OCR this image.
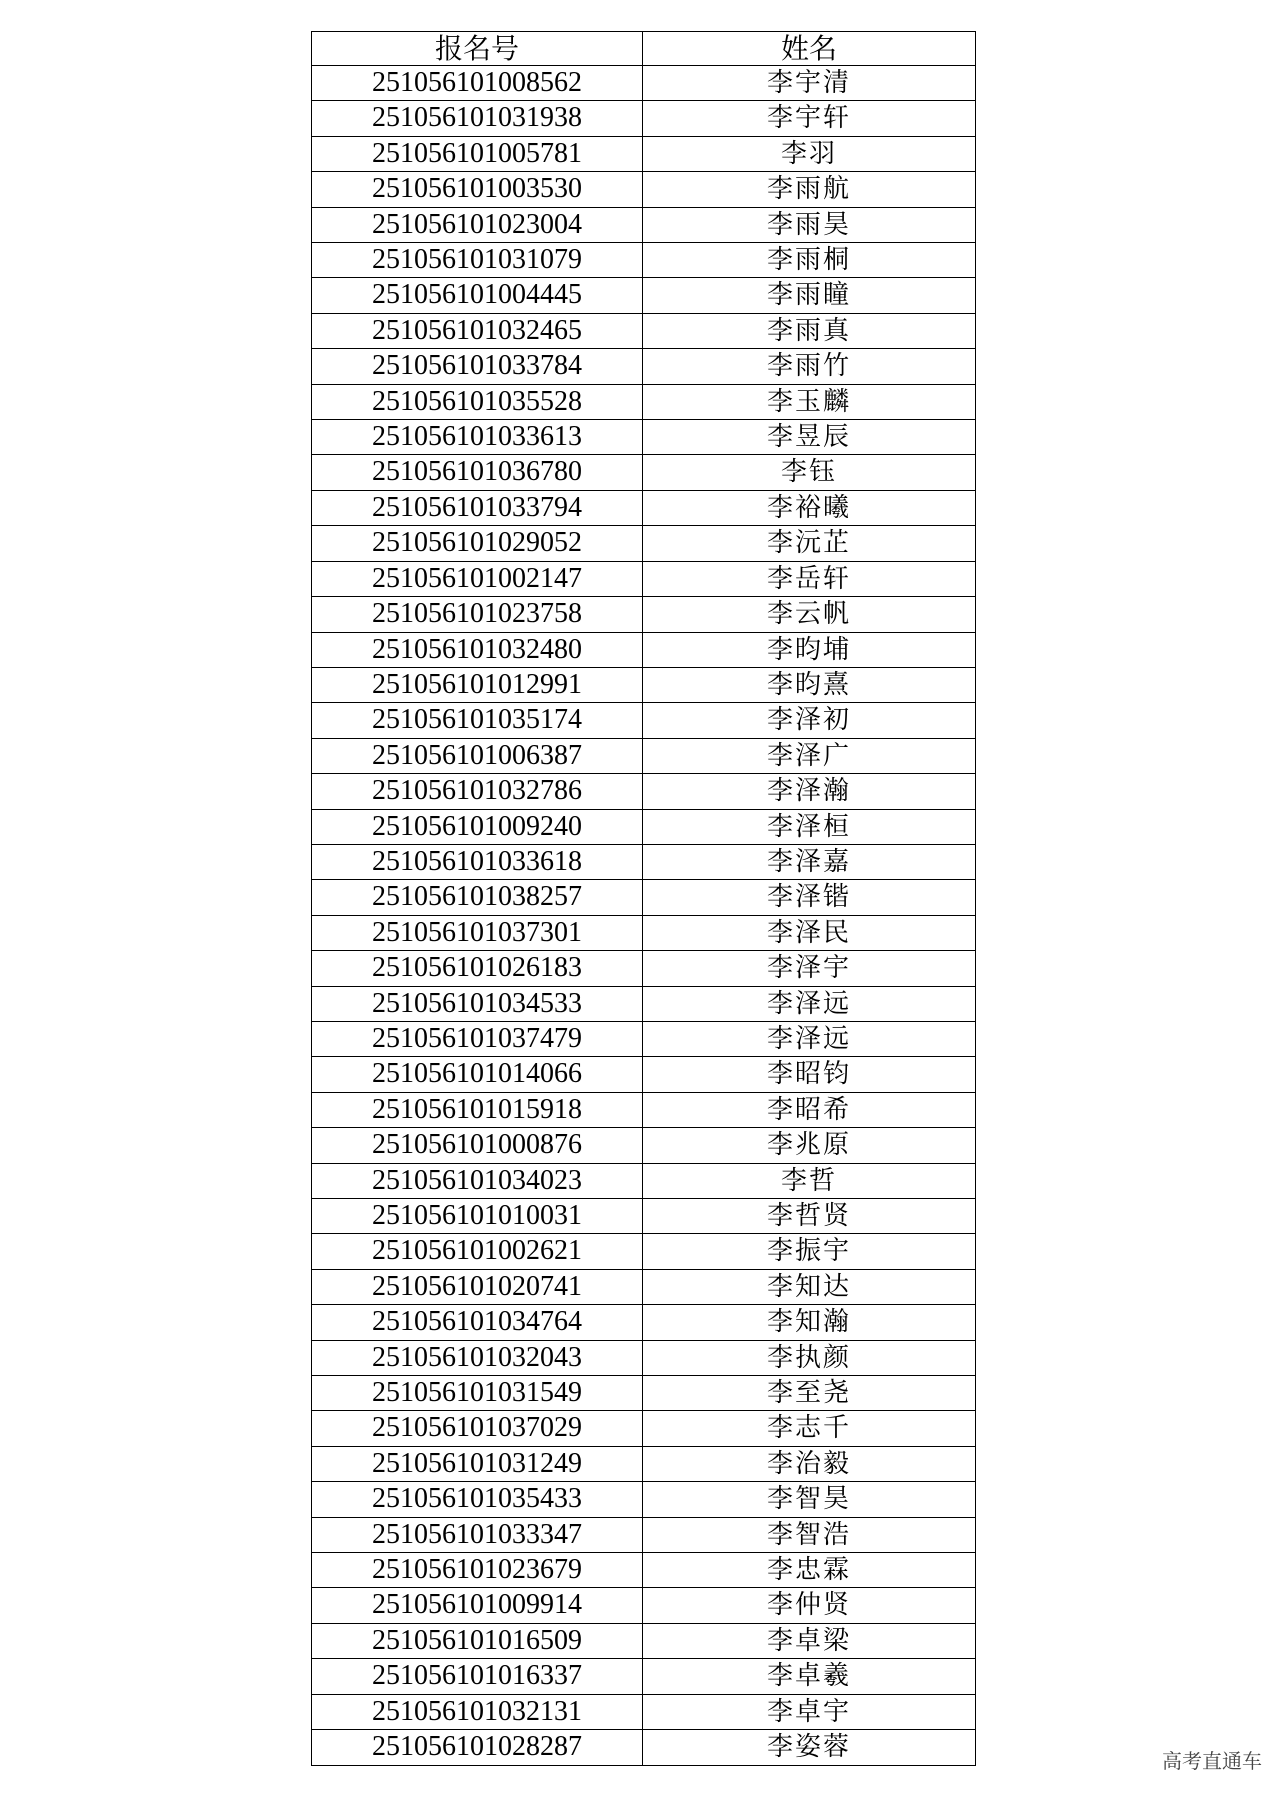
报名号	姓名
251056101008562	李宇清
251056101031938	李宇轩
251056101005781	李羽
251056101003530	李雨航
251056101023004	李雨昊
251056101031079	李雨桐
251056101004445	李雨瞳
251056101032465	李雨真
251056101033784	李雨竹
251056101035528	李玉麟
251056101033613	李昱辰
251056101036780	李钰
251056101033794	李裕曦
251056101029052	李沅芷
251056101002147	李岳轩
251056101023758	李云帆
251056101032480	李昀埔
251056101012991	李昀熹
251056101035174	李泽初
251056101006387	李泽广
251056101032786	李泽瀚
251056101009240	李泽桓
251056101033618	李泽嘉
251056101038257	李泽锴
251056101037301	李泽民
251056101026183	李泽宇
251056101034533	李泽远
251056101037479	李泽远
251056101014066	李昭钧
251056101015918	李昭希
251056101000876	李兆原
251056101034023	李哲
251056101010031	李哲贤
251056101002621	李振宇
251056101020741	李知达
251056101034764	李知瀚
251056101032043	李执颜
251056101031549	李至尧
251056101037029	李志千
251056101031249	李治毅
251056101035433	李智昊
251056101033347	李智浩
251056101023679	李忠霖
251056101009914	李仲贤
251056101016509	李卓梁
251056101016337	李卓羲
251056101032131	李卓宇
251056101028287	李姿蓉	高考直通车
